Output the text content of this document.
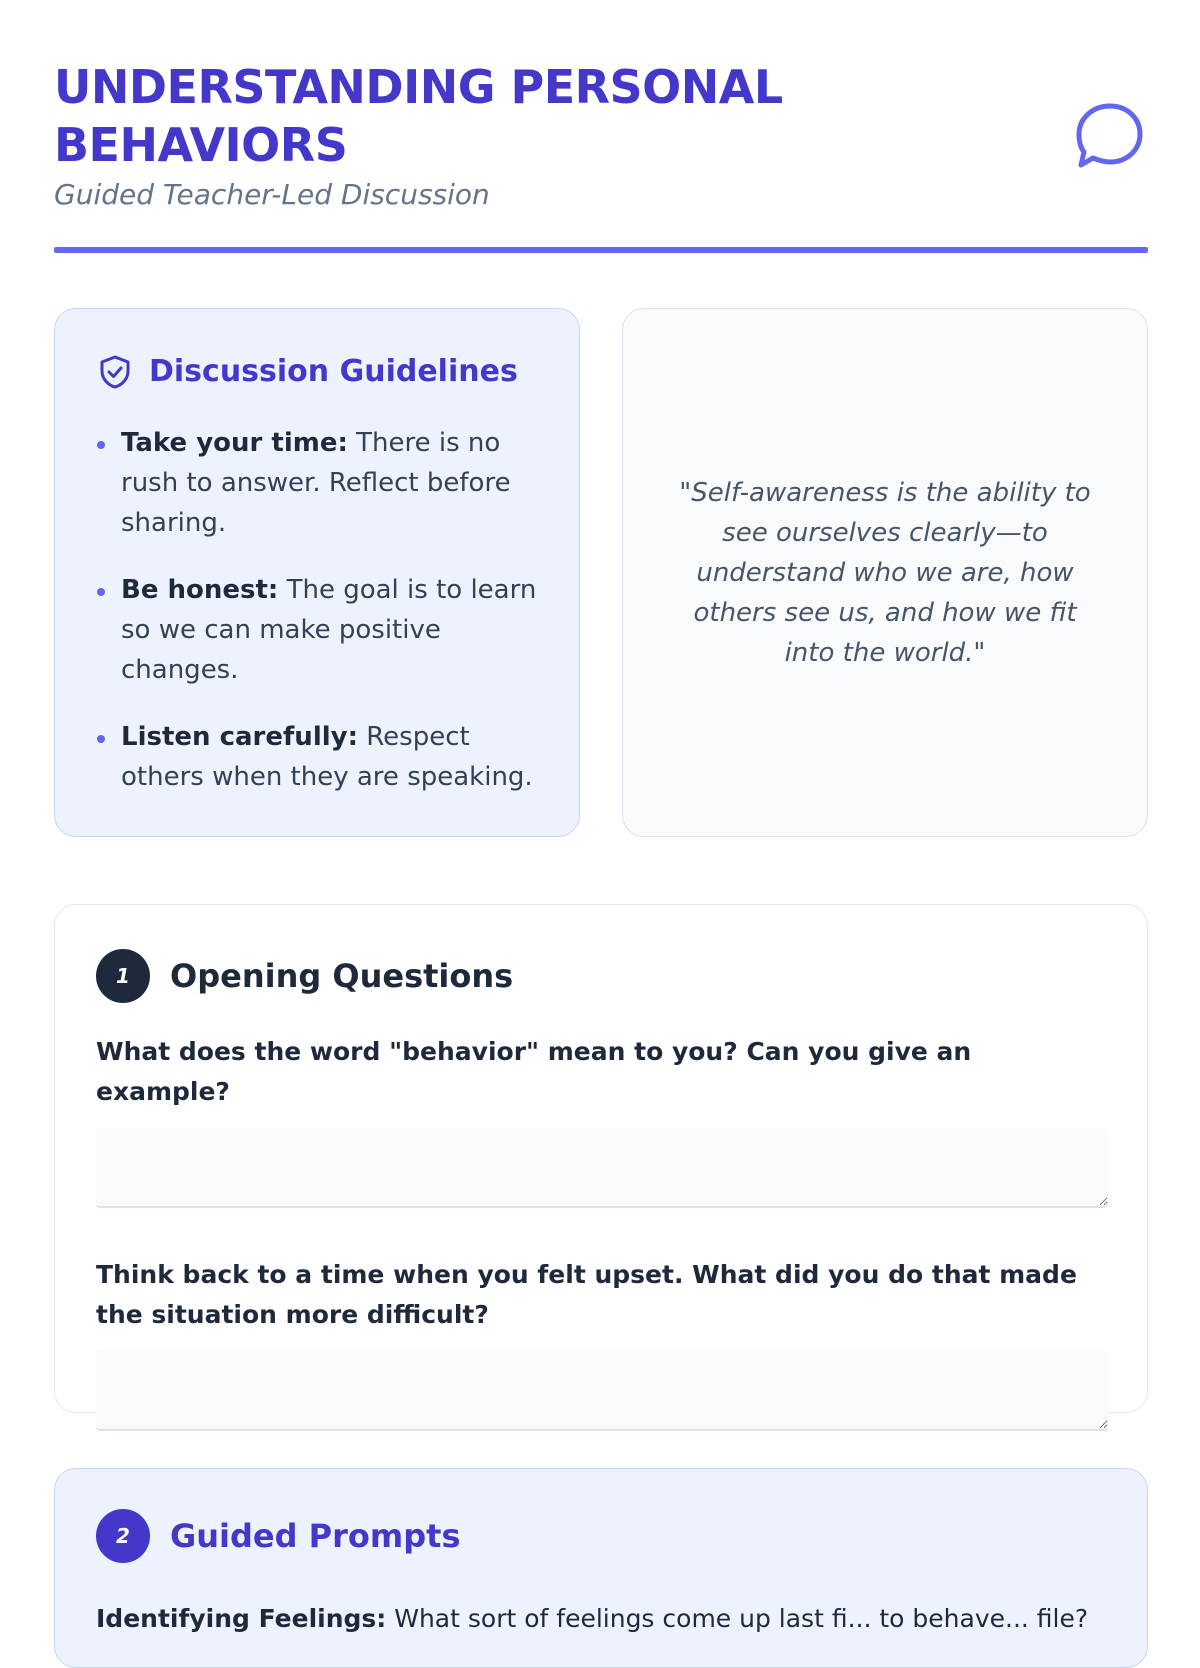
UNDERSTANDING PERSONAL BEHAVIORS
Guided Teacher-Led Discussion
Discussion Guidelines
Take your time: There is no rush to answer. Reflect before sharing.
Be honest: The goal is to learn so we can make positive changes.
Listen carefully: Respect others when they are speaking.

"Self-awareness is the ability to see ourselves clearly—to understand who we are, how others see us, and how we fit into the world."

1	Opening Questions
What does the word "behavior" mean to you? Can you give an example?
Think back to a time when you felt upset. What did you do that made the situation more difficult?
2	Guided Prompts
Identifying Feelings: What sort of feelings come up last fi... to behave... file?
